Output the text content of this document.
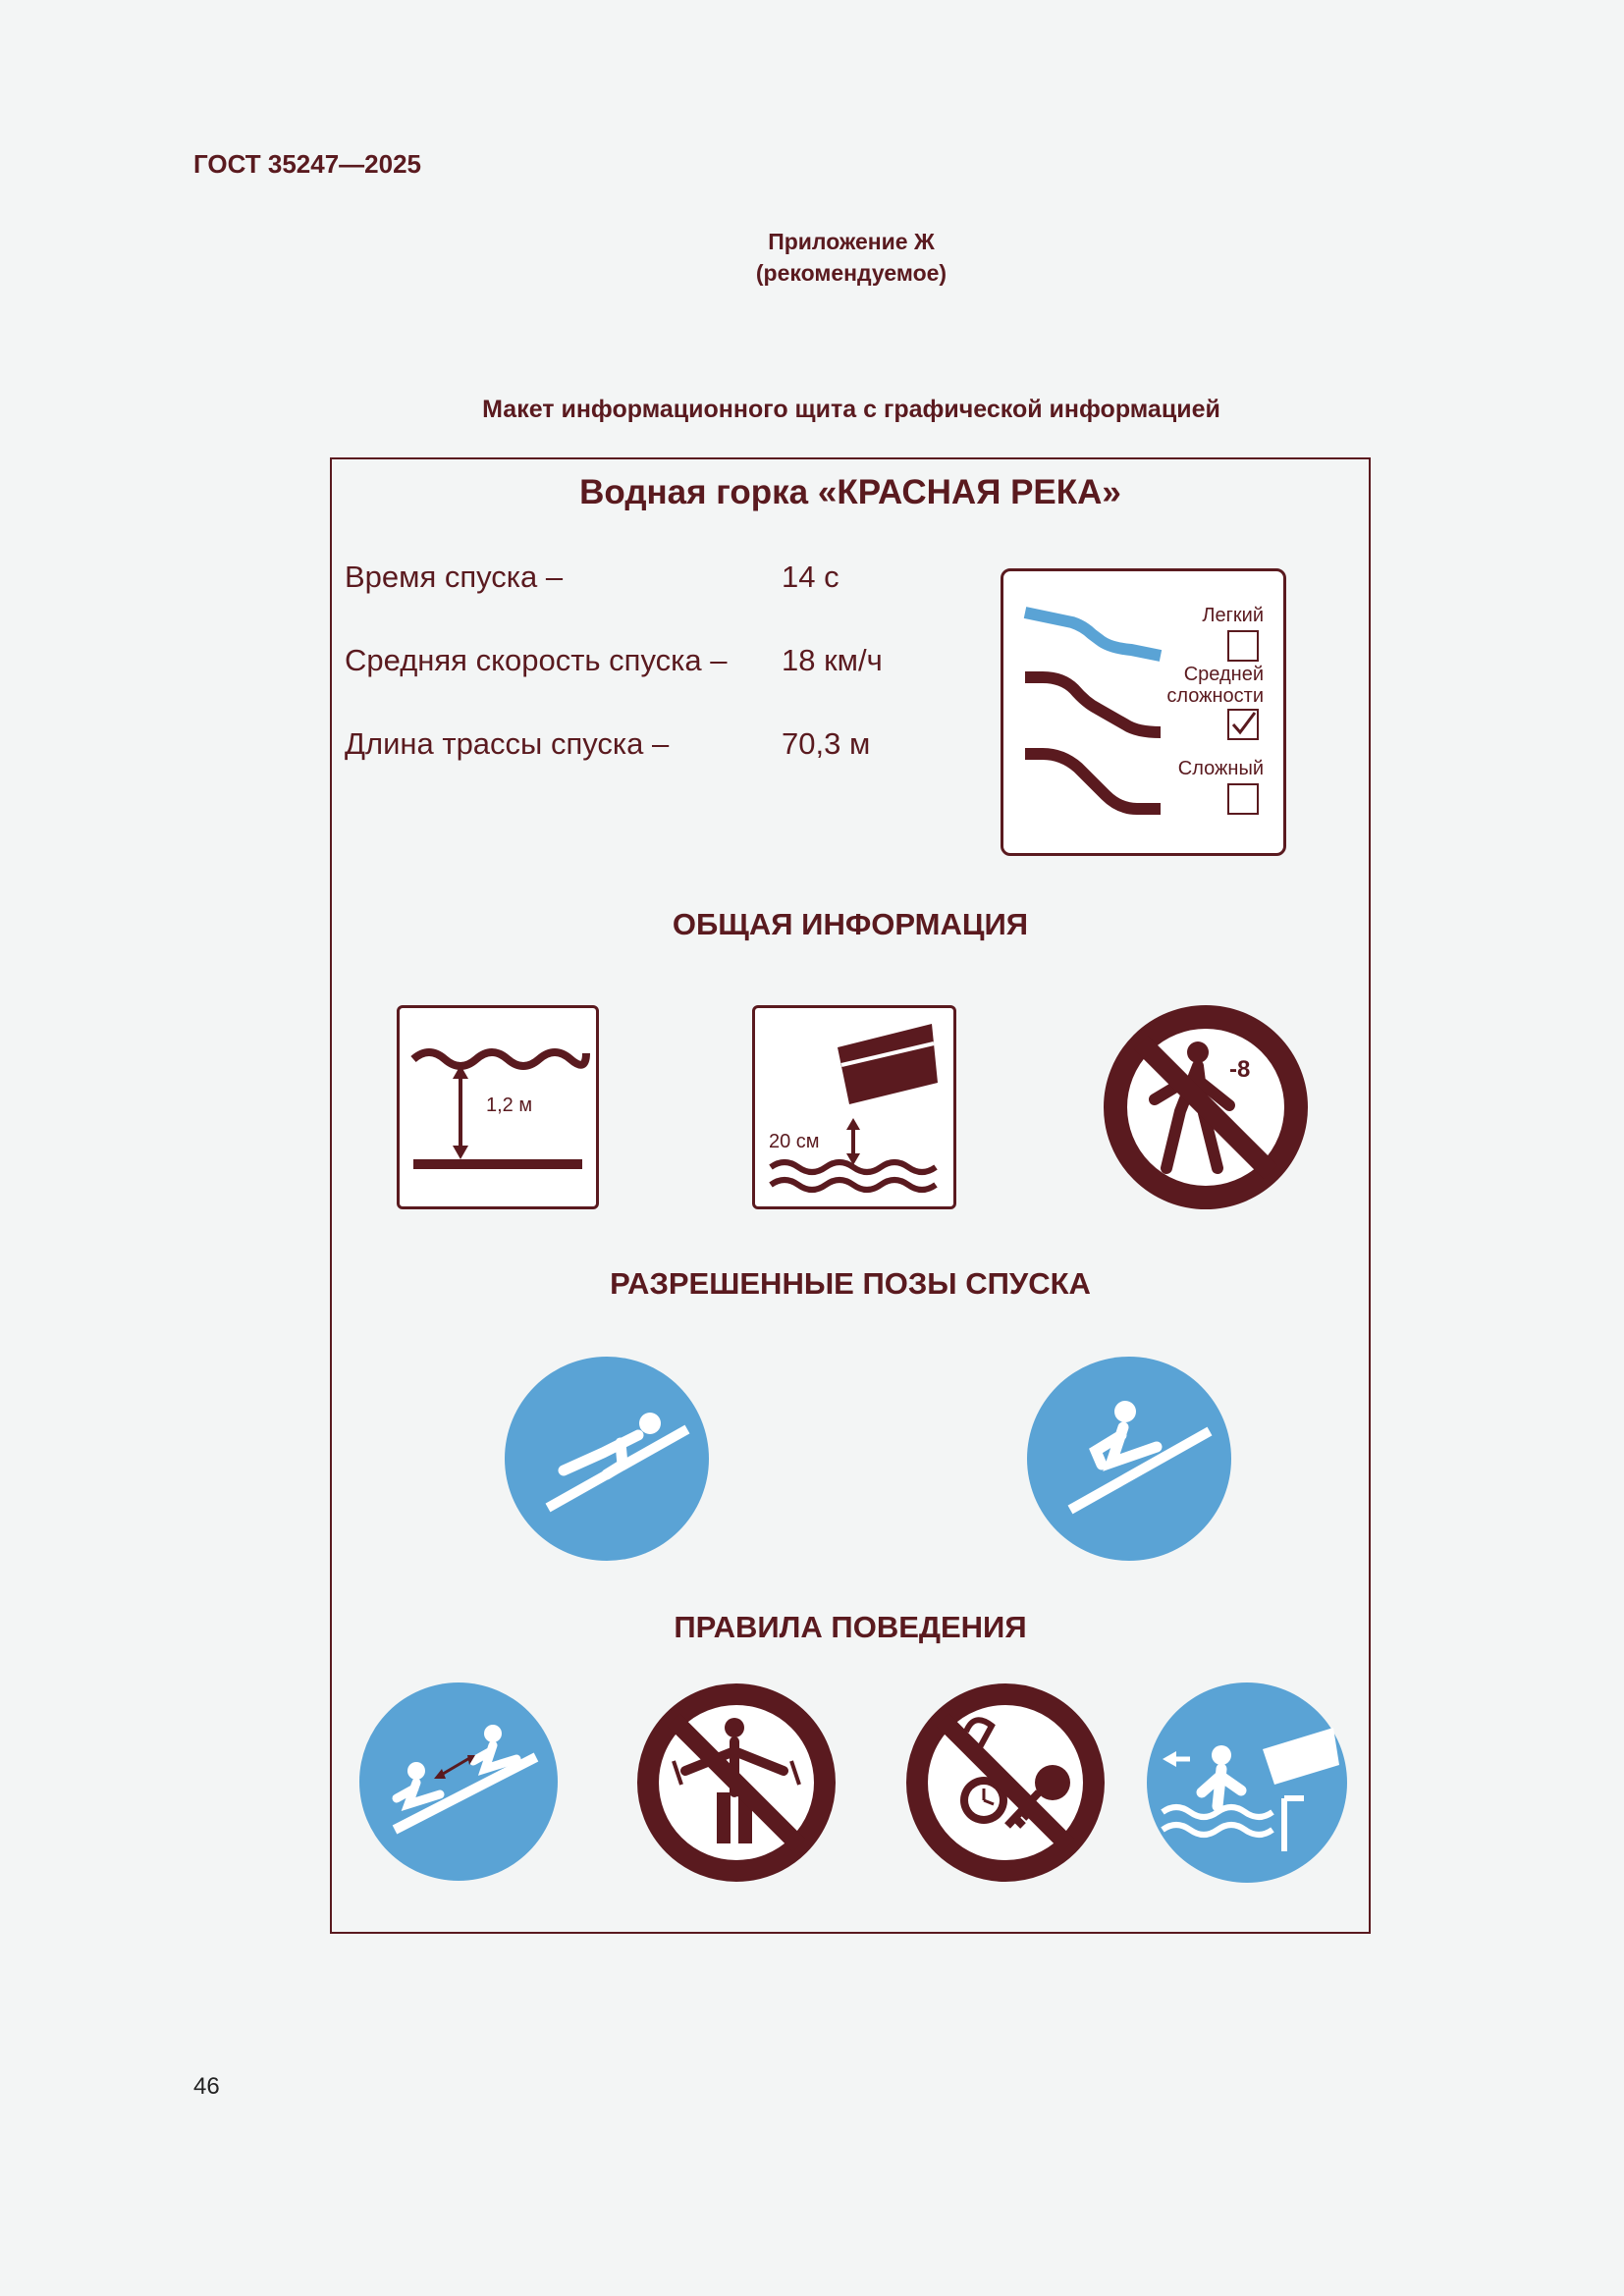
ГОСТ 35247—2025
Приложение Ж
(рекомендуемое)
Макет информационного щита с графической информацией
Водная горка «КРАСНАЯ РЕКА»
Время спуска –	14 с
Средняя скорость спуска – 18 км/ч
Длина трассы спуска –	70,3 м
Легкий
Средней сложности
Сложный
ОБЩАЯ ИНФОРМАЦИЯ
1,2 м
20 см
-8
РАЗРЕШЕННЫЕ ПОЗЫ СПУСКА
ПРАВИЛА ПОВЕДЕНИЯ
46
